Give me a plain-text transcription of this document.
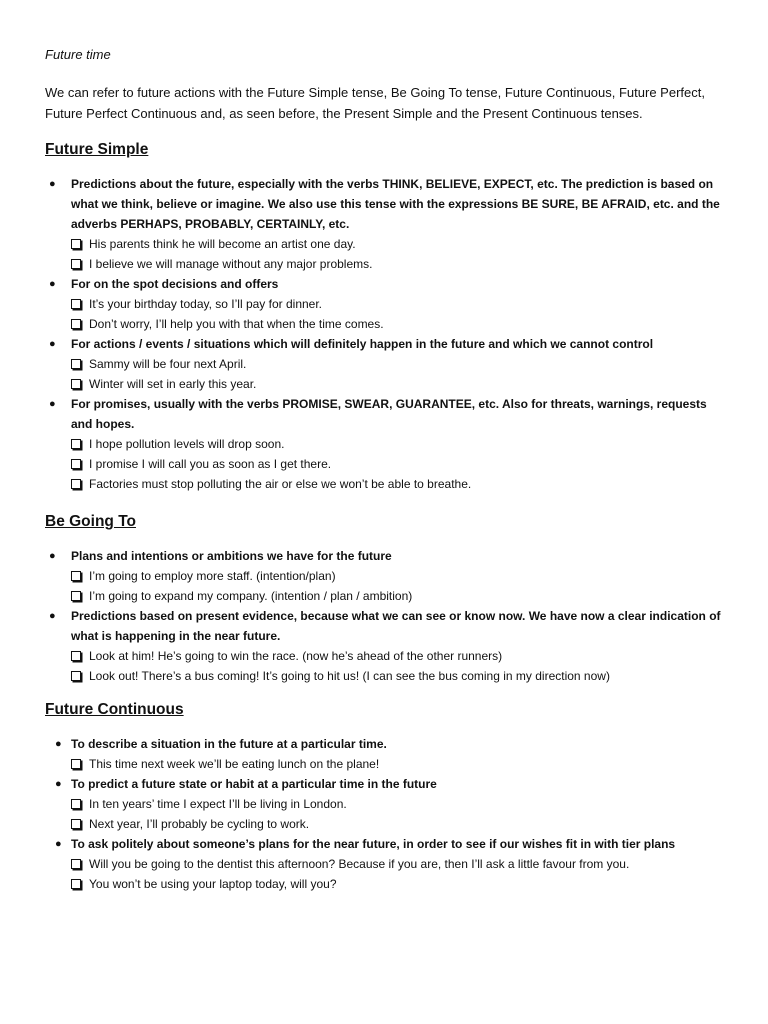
Future time
We can refer to future actions with the Future Simple tense, Be Going To tense, Future Continuous, Future Perfect, Future Perfect Continuous and, as seen before, the Present Simple and the Present Continuous tenses.
Future Simple
● Predictions about the future, especially with the verbs THINK, BELIEVE, EXPECT, etc. The prediction is based on what we think, believe or imagine. We also use this tense with the expressions BE SURE, BE AFRAID, etc. and the adverbs PERHAPS, PROBABLY, CERTAINLY, etc.
His parents think he will become an artist one day.
I believe we will manage without any major problems.
● For on the spot decisions and offers
It’s your birthday today, so I’ll pay for dinner.
Don’t worry, I’ll help you with that when the time comes.
● For actions / events / situations which will definitely happen in the future and which we cannot control
Sammy will be four next April.
Winter will set in early this year.
● For promises, usually with the verbs PROMISE, SWEAR, GUARANTEE, etc. Also for threats, warnings, requests and hopes.
I hope pollution levels will drop soon.
I promise I will call you as soon as I get there.
Factories must stop polluting the air or else we won’t be able to breathe.
Be Going To
● Plans and intentions or ambitions we have for the future
I’m going to employ more staff. (intention/plan)
I’m going to expand my company. (intention / plan / ambition)
● Predictions based on present evidence, because what we can see or know now. We have now a clear indication of what is happening in the near future.
Look at him! He’s going to win the race. (now he’s ahead of the other runners)
Look out! There’s a bus coming! It’s going to hit us! (I can see the bus coming in my direction now)
Future Continuous
● To describe a situation in the future at a particular time.
This time next week we’ll be eating lunch on the plane!
● To predict a future state or habit at a particular time in the future
In ten years’ time I expect I’ll be living in London.
Next year, I’ll probably be cycling to work.
● To ask politely about someone’s plans for the near future, in order to see if our wishes fit in with tier plans
Will you be going to the dentist this afternoon? Because if you are, then I’ll ask a little favour from you.
You won’t be using your laptop today, will you?
